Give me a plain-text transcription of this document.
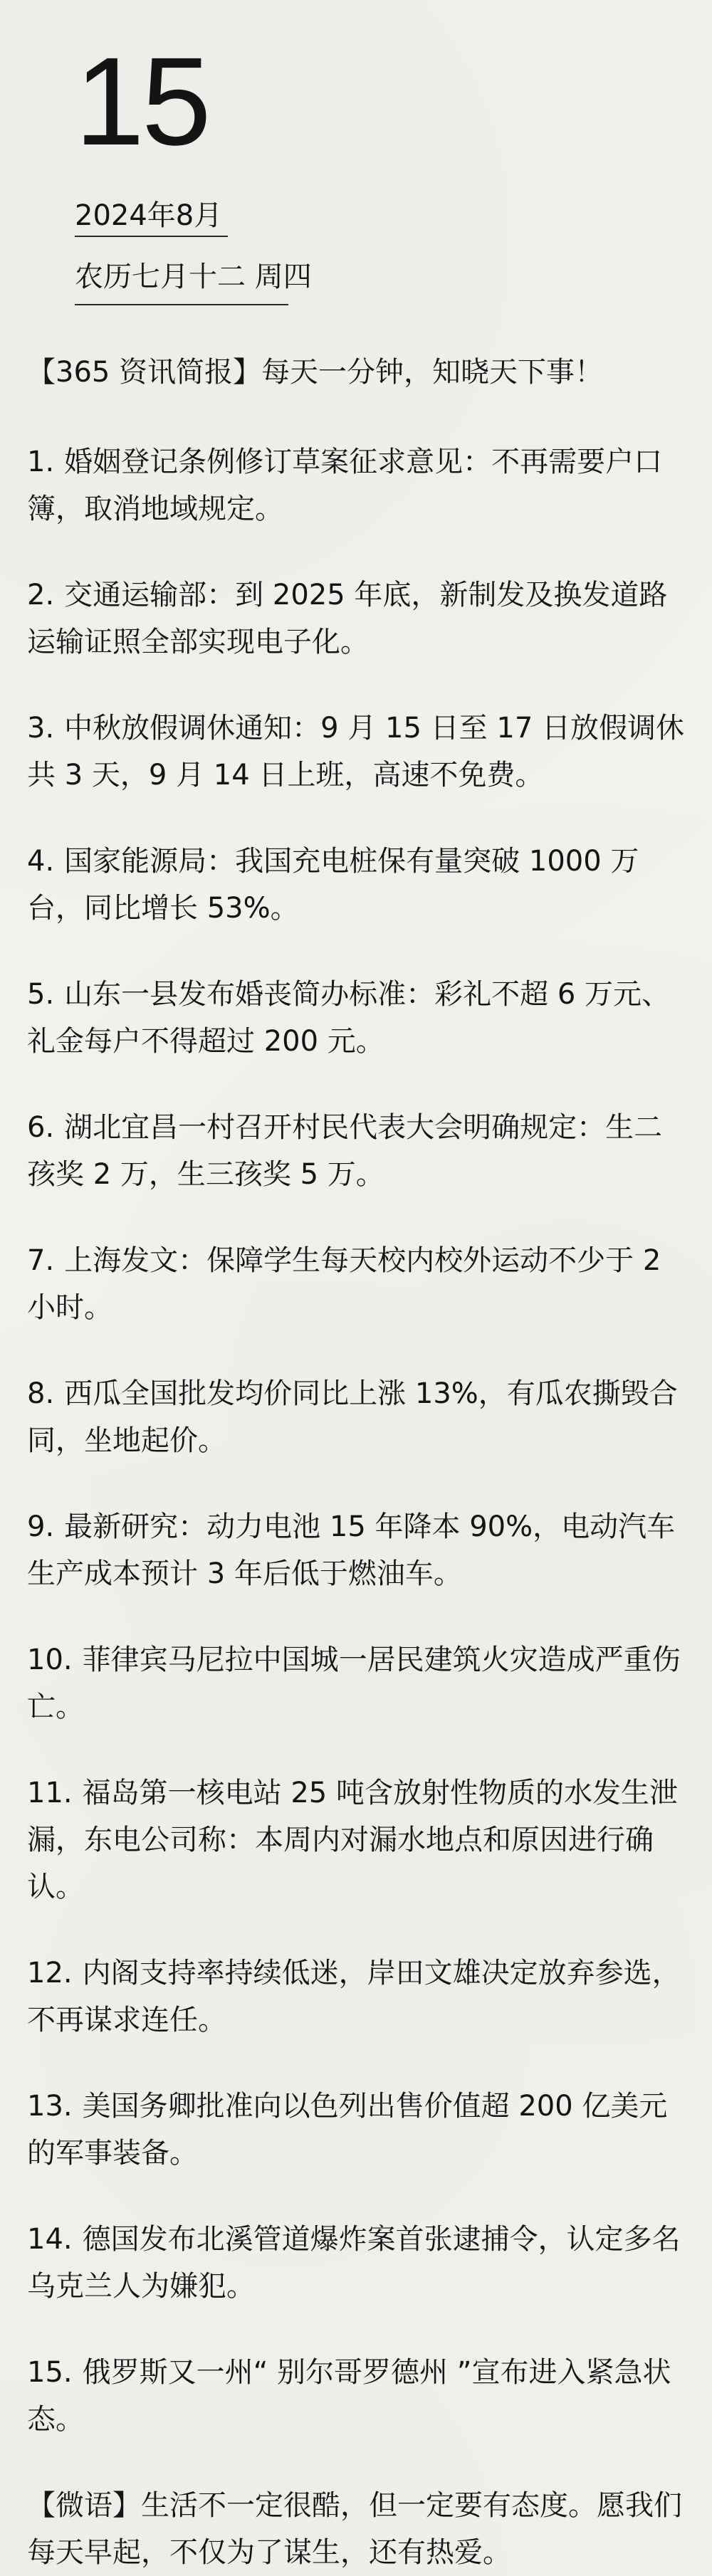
15
2024年8月
农历七月十二 周四

【365 资讯简报】每天一分钟，知晓天下事！

1. 婚姻登记条例修订草案征求意见：不再需要户口簿，取消地域规定。
2. 交通运输部：到 2025 年底，新制发及换发道路运输证照全部实现电子化。
3. 中秋放假调休通知：9 月 15 日至 17 日放假调休共 3 天，9 月 14 日上班，高速不免费。
4. 国家能源局：我国充电桩保有量突破 1000 万台，同比增长 53%。
5. 山东一县发布婚丧简办标准：彩礼不超 6 万元、礼金每户不得超过 200 元。
6. 湖北宜昌一村召开村民代表大会明确规定：生二孩奖 2 万，生三孩奖 5 万。
7. 上海发文：保障学生每天校内校外运动不少于 2 小时。
8. 西瓜全国批发均价同比上涨 13%，有瓜农撕毁合同，坐地起价。
9. 最新研究：动力电池 15 年降本 90%，电动汽车生产成本预计 3 年后低于燃油车。
10. 菲律宾马尼拉中国城一居民建筑火灾造成严重伤亡。
11. 福岛第一核电站 25 吨含放射性物质的水发生泄漏，东电公司称：本周内对漏水地点和原因进行确认。
12. 内阁支持率持续低迷，岸田文雄决定放弃参选，不再谋求连任。
13. 美国务卿批准向以色列出售价值超 200 亿美元的军事装备。
14. 德国发布北溪管道爆炸案首张逮捕令，认定多名乌克兰人为嫌犯。
15. 俄罗斯又一州“ 别尔哥罗德州 ”宣布进入紧急状态。

【微语】生活不一定很酷，但一定要有态度。愿我们每天早起，不仅为了谋生，还有热爱。
